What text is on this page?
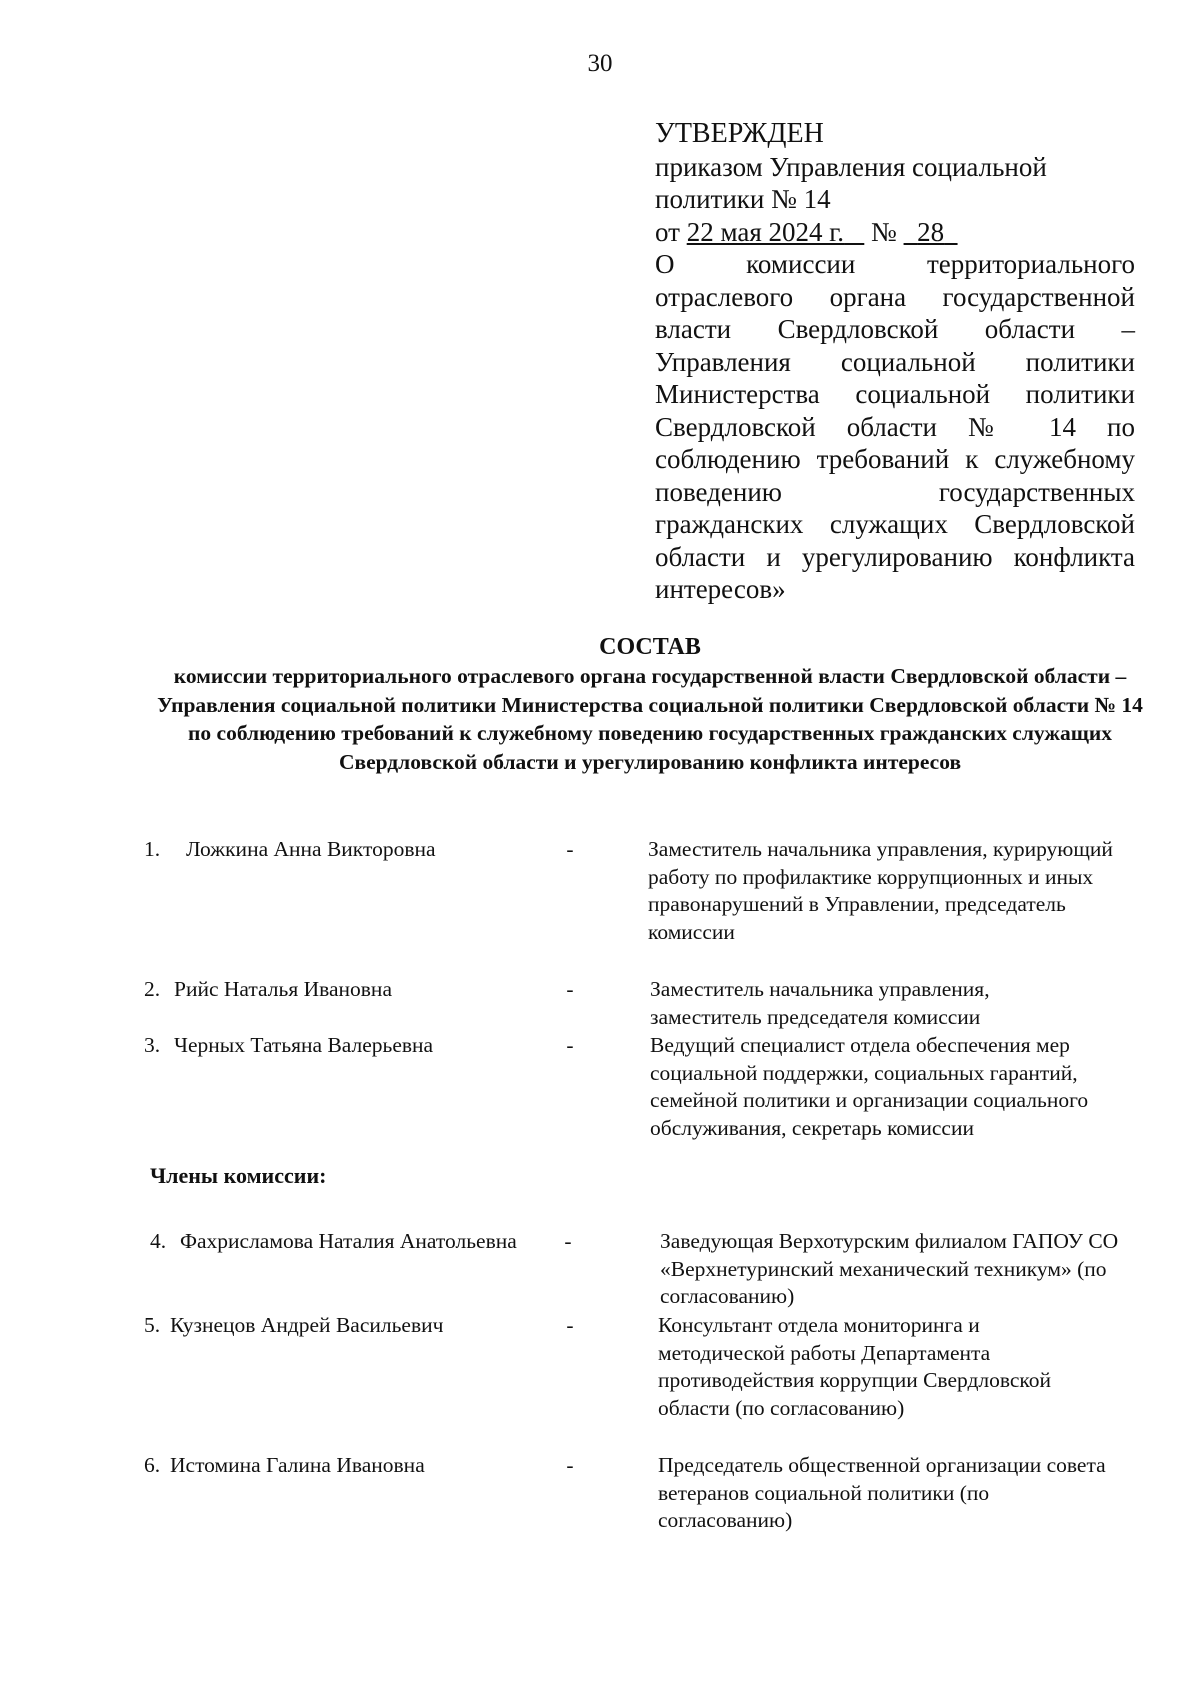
30
УТВЕРЖДЕН
приказом Управления социальной
политики № 14
от 22 мая 2024 г. № 28
О комиссии территориального отраслевого органа государственной власти Свердловской области – Управления социальной политики Министерства социальной политики Свердловской области № 14 по соблюдению требований к служебному поведению государственных гражданских служащих Свердловской области и урегулированию конфликта интересов»
СОСТАВ
комиссии территориального отраслевого органа государственной власти Свердловской области – Управления социальной политики Министерства социальной политики Свердловской области № 14 по соблюдению требований к служебному поведению государственных гражданских служащих Свердловской области и урегулированию конфликта интересов
1. Ложкина Анна Викторовна	-	Заместитель начальника управления, курирующий работу по профилактике коррупционных и иных правонарушений в Управлении, председатель комиссии
2. Рийс Наталья Ивановна	-	Заместитель начальника управления, заместитель председателя комиссии
3. Черных Татьяна Валерьевна	-	Ведущий специалист отдела обеспечения мер социальной поддержки, социальных гарантий, семейной политики и организации социального обслуживания, секретарь комиссии
Члены комиссии:
4. Фахрисламова Наталия Анатольевна -	Заведующая Верхотурским филиалом ГАПОУ СО «Верхнетуринский механический техникум» (по согласованию)
5. Кузнецов Андрей Васильевич	-	Консультант отдела мониторинга и методической работы Департамента противодействия коррупции Свердловской области (по согласованию)
6. Истомина Галина Ивановна	-	Председатель общественной организации совета ветеранов социальной политики (по согласованию)
